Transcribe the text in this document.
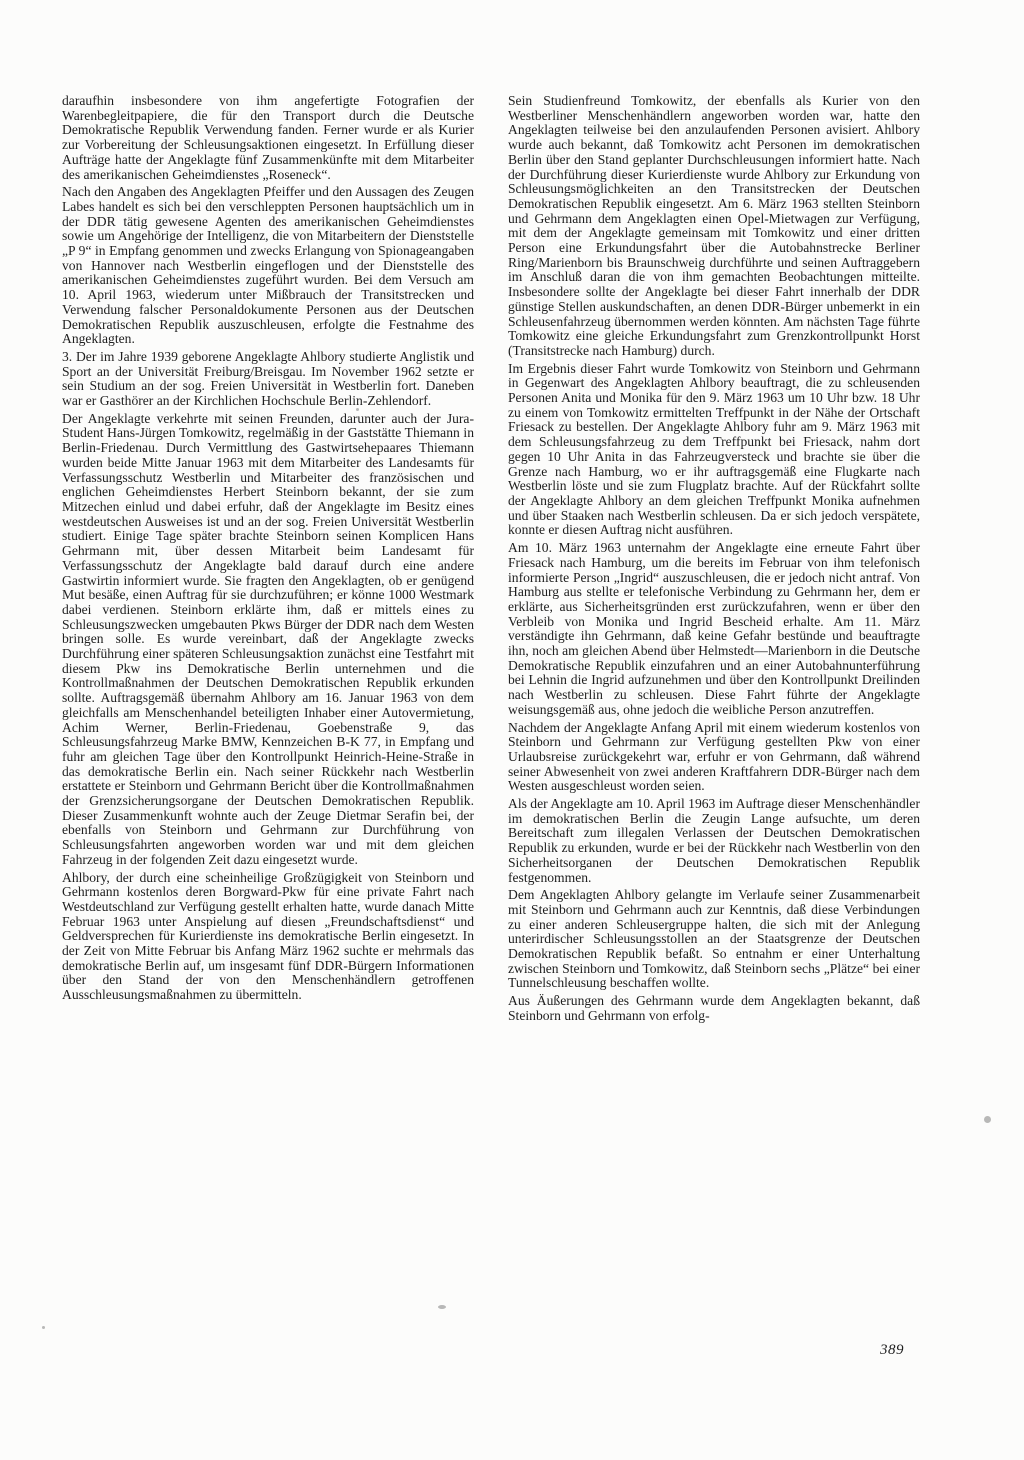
daraufhin insbesondere von ihm angefertigte Fotografien der Warenbegleitpapiere, die für den Transport durch die Deutsche Demokratische Republik Verwendung fanden. Ferner wurde er als Kurier zur Vorbereitung der Schleusungsaktionen eingesetzt. In Erfüllung dieser Aufträge hatte der Angeklagte fünf Zusammenkünfte mit dem Mitarbeiter des amerikanischen Geheimdienstes „Roseneck“.

Nach den Angaben des Angeklagten Pfeiffer und den Aussagen des Zeugen Labes handelt es sich bei den verschleppten Personen hauptsächlich um in der DDR tätig gewesene Agenten des amerikanischen Geheimdienstes sowie um Angehörige der Intelligenz, die von Mitarbeitern der Dienststelle „P 9“ in Empfang genommen und zwecks Erlangung von Spionageangaben von Hannover nach Westberlin eingeflogen und der Dienststelle des amerikanischen Geheimdienstes zugeführt wurden. Bei dem Versuch am 10. April 1963, wiederum unter Mißbrauch der Transitstrecken und Verwendung falscher Personaldokumente Personen aus der Deutschen Demokratischen Republik auszuschleusen, erfolgte die Festnahme des Angeklagten.

3. Der im Jahre 1939 geborene Angeklagte Ahlbory studierte Anglistik und Sport an der Universität Freiburg/Breisgau. Im November 1962 setzte er sein Studium an der sog. Freien Universität in Westberlin fort. Daneben war er Gasthörer an der Kirchlichen Hochschule Berlin-Zehlendorf.

Der Angeklagte verkehrte mit seinen Freunden, darunter auch der Jura-Student Hans-Jürgen Tomkowitz, regelmäßig in der Gaststätte Thiemann in Berlin-Friedenau. Durch Vermittlung des Gastwirtsehepaares Thiemann wurden beide Mitte Januar 1963 mit dem Mitarbeiter des Landesamts für Verfassungsschutz Westberlin und Mitarbeiter des französischen und englichen Geheimdienstes Herbert Steinborn bekannt, der sie zum Mitzechen einlud und dabei erfuhr, daß der Angeklagte im Besitz eines westdeutschen Ausweises ist und an der sog. Freien Universität Westberlin studiert. Einige Tage später brachte Steinborn seinen Komplicen Hans Gehrmann mit, über dessen Mitarbeit beim Landesamt für Verfassungsschutz der Angeklagte bald darauf durch eine andere Gastwirtin informiert wurde. Sie fragten den Angeklagten, ob er genügend Mut besäße, einen Auftrag für sie durchzuführen; er könne 1000 Westmark dabei verdienen. Steinborn erklärte ihm, daß er mittels eines zu Schleusungszwecken umgebauten Pkws Bürger der DDR nach dem Westen bringen solle. Es wurde vereinbart, daß der Angeklagte zwecks Durchführung einer späteren Schleusungsaktion zunächst eine Testfahrt mit diesem Pkw ins Demokratische Berlin unternehmen und die Kontrollmaßnahmen der Deutschen Demokratischen Republik erkunden sollte. Auftragsgemäß übernahm Ahlbory am 16. Januar 1963 von dem gleichfalls am Menschenhandel beteiligten Inhaber einer Autovermietung, Achim Werner, Berlin-Friedenau, Goebenstraße 9, das Schleusungsfahrzeug Marke BMW, Kennzeichen B-K 77, in Empfang und fuhr am gleichen Tage über den Kontrollpunkt Heinrich-Heine-Straße in das demokratische Berlin ein. Nach seiner Rückkehr nach Westberlin erstattete er Steinborn und Gehrmann Bericht über die Kontrollmaßnahmen der Grenzsicherungsorgane der Deutschen Demokratischen Republik. Dieser Zusammenkunft wohnte auch der Zeuge Dietmar Serafin bei, der ebenfalls von Steinborn und Gehrmann zur Durchführung von Schleusungsfahrten angeworben worden war und mit dem gleichen Fahrzeug in der folgenden Zeit dazu eingesetzt wurde.

Ahlbory, der durch eine scheinheilige Großzügigkeit von Steinborn und Gehrmann kostenlos deren Borgward-Pkw für eine private Fahrt nach Westdeutschland zur Verfügung gestellt erhalten hatte, wurde danach Mitte Februar 1963 unter Anspielung auf diesen „Freundschaftsdienst“ und Geldversprechen für Kurierdienste ins demokratische Berlin eingesetzt. In der Zeit von Mitte Februar bis Anfang März 1962 suchte er mehrmals das demokratische Berlin auf, um insgesamt fünf DDR-Bürgern Informationen über den Stand der von den Menschenhändlern getroffenen Ausschleusungsmaßnahmen zu übermitteln.

Sein Studienfreund Tomkowitz, der ebenfalls als Kurier von den Westberliner Menschenhändlern angeworben worden war, hatte den Angeklagten teilweise bei den anzulaufenden Personen avisiert. Ahlbory wurde auch bekannt, daß Tomkowitz acht Personen im demokratischen Berlin über den Stand geplanter Durchschleusungen informiert hatte. Nach der Durchführung dieser Kurierdienste wurde Ahlbory zur Erkundung von Schleusungsmöglichkeiten an den Transitstrecken der Deutschen Demokratischen Republik eingesetzt. Am 6. März 1963 stellten Steinborn und Gehrmann dem Angeklagten einen Opel-Mietwagen zur Verfügung, mit dem der Angeklagte gemeinsam mit Tomkowitz und einer dritten Person eine Erkundungsfahrt über die Autobahnstrecke Berliner Ring/Marienborn bis Braunschweig durchführte und seinen Auftraggebern im Anschluß daran die von ihm gemachten Beobachtungen mitteilte. Insbesondere sollte der Angeklagte bei dieser Fahrt innerhalb der DDR günstige Stellen auskundschaften, an denen DDR-Bürger unbemerkt in ein Schleusenfahrzeug übernommen werden könnten. Am nächsten Tage führte Tomkowitz eine gleiche Erkundungsfahrt zum Grenzkontrollpunkt Horst (Transitstrecke nach Hamburg) durch.

Im Ergebnis dieser Fahrt wurde Tomkowitz von Steinborn und Gehrmann in Gegenwart des Angeklagten Ahlbory beauftragt, die zu schleusenden Personen Anita und Monika für den 9. März 1963 um 10 Uhr bzw. 18 Uhr zu einem von Tomkowitz ermittelten Treffpunkt in der Nähe der Ortschaft Friesack zu bestellen. Der Angeklagte Ahlbory fuhr am 9. März 1963 mit dem Schleusungsfahrzeug zu dem Treffpunkt bei Friesack, nahm dort gegen 10 Uhr Anita in das Fahrzeugversteck und brachte sie über die Grenze nach Hamburg, wo er ihr auftragsgemäß eine Flugkarte nach Westberlin löste und sie zum Flugplatz brachte. Auf der Rückfahrt sollte der Angeklagte Ahlbory an dem gleichen Treffpunkt Monika aufnehmen und über Staaken nach Westberlin schleusen. Da er sich jedoch verspätete, konnte er diesen Auftrag nicht ausführen.

Am 10. März 1963 unternahm der Angeklagte eine erneute Fahrt über Friesack nach Hamburg, um die bereits im Februar von ihm telefonisch informierte Person „Ingrid“ auszuschleusen, die er jedoch nicht antraf. Von Hamburg aus stellte er telefonische Verbindung zu Gehrmann her, dem er erklärte, aus Sicherheitsgründen erst zurückzufahren, wenn er über den Verbleib von Monika und Ingrid Bescheid erhalte. Am 11. März verständigte ihn Gehrmann, daß keine Gefahr bestünde und beauftragte ihn, noch am gleichen Abend über Helmstedt—Marienborn in die Deutsche Demokratische Republik einzufahren und an einer Autobahnunterführung bei Lehnin die Ingrid aufzunehmen und über den Kontrollpunkt Dreilinden nach Westberlin zu schleusen. Diese Fahrt führte der Angeklagte weisungsgemäß aus, ohne jedoch die weibliche Person anzutreffen.

Nachdem der Angeklagte Anfang April mit einem wiederum kostenlos von Steinborn und Gehrmann zur Verfügung gestellten Pkw von einer Urlaubsreise zurückgekehrt war, erfuhr er von Gehrmann, daß während seiner Abwesenheit von zwei anderen Kraftfahrern DDR-Bürger nach dem Westen ausgeschleust worden seien.

Als der Angeklagte am 10. April 1963 im Auftrage dieser Menschenhändler im demokratischen Berlin die Zeugin Lange aufsuchte, um deren Bereitschaft zum illegalen Verlassen der Deutschen Demokratischen Republik zu erkunden, wurde er bei der Rückkehr nach Westberlin von den Sicherheitsorganen der Deutschen Demokratischen Republik festgenommen.

Dem Angeklagten Ahlbory gelangte im Verlaufe seiner Zusammenarbeit mit Steinborn und Gehrmann auch zur Kenntnis, daß diese Verbindungen zu einer anderen Schleusergruppe halten, die sich mit der Anlegung unterirdischer Schleusungsstollen an der Staatsgrenze der Deutschen Demokratischen Republik befaßt. So entnahm er einer Unterhaltung zwischen Steinborn und Tomkowitz, daß Steinborn sechs „Plätze“ bei einer Tunnelschleusung beschaffen wollte.

Aus Äußerungen des Gehrmann wurde dem Angeklagten bekannt, daß Steinborn und Gehrmann von erfolg-

389
